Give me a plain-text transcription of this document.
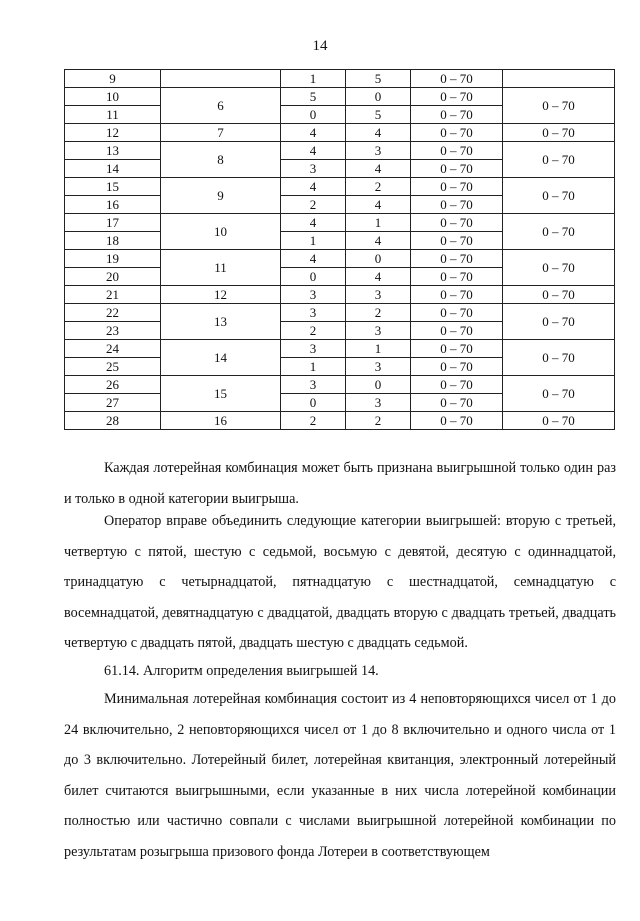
14
9		1	5	0 – 70	
10	6	5	0	0 – 70	0 – 70
11		0	5	0 – 70	
12	7	4	4	0 – 70	0 – 70
13	8	4	3	0 – 70	0 – 70
14		3	4	0 – 70	
15	9	4	2	0 – 70	0 – 70
16		2	4	0 – 70	
17	10	4	1	0 – 70	0 – 70
18		1	4	0 – 70	
19	11	4	0	0 – 70	0 – 70
20		0	4	0 – 70	
21	12	3	3	0 – 70	0 – 70
22	13	3	2	0 – 70	0 – 70
23		2	3	0 – 70	
24	14	3	1	0 – 70	0 – 70
25		1	3	0 – 70	
26	15	3	0	0 – 70	0 – 70
27		0	3	0 – 70	
28	16	2	2	0 – 70	0 – 70

Каждая лотерейная комбинация может быть признана выигрышной только один раз и только в одной категории выигрыша.

Оператор вправе объединить следующие категории выигрышей: вторую с третьей, четвертую с пятой, шестую с седьмой, восьмую с девятой, десятую с одиннадцатой, тринадцатую с четырнадцатой, пятнадцатую с шестнадцатой, семнадцатую с восемнадцатой, девятнадцатую с двадцатой, двадцать вторую с двадцать третьей, двадцать четвертую с двадцать пятой, двадцать шестую с двадцать седьмой.

61.14. Алгоритм определения выигрышей 14.

Минимальная лотерейная комбинация состоит из 4 неповторяющихся чисел от 1 до 24 включительно, 2 неповторяющихся чисел от 1 до 8 включительно и одного числа от 1 до 3 включительно. Лотерейный билет, лотерейная квитанция, электронный лотерейный билет считаются выигрышными, если указанные в них числа лотерейной комбинации полностью или частично совпали с числами выигрышной лотерейной комбинации по результатам розыгрыша призового фонда Лотереи в соответствующем
